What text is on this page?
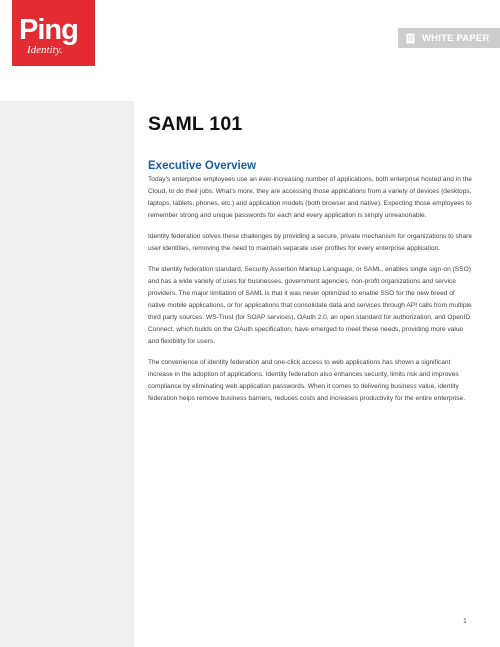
Ping
Identity.
WHITE PAPER
SAML 101
Executive Overview

Today’s enterprise employees use an ever-increasing number of applications, both enterprise hosted and in the Cloud, to do their jobs. What’s more, they are accessing those applications from a variety of devices (desktops, laptops, tablets, phones, etc.) and application models (both browser and native). Expecting those employees to remember strong and unique passwords for each and every application is simply unreasonable.

Identity federation solves these challenges by providing a secure, private mechanism for organizations to share user identities, removing the need to maintain separate user profiles for every enterprise application.

The identity federation standard, Security Assertion Markup Language, or SAML, enables single sign-on (SSO) and has a wide variety of uses for businesses, government agencies, non-profit organizations and service providers. The major limitation of SAML is that it was never optimized to enable SSO for the new breed of native mobile applications, or for applications that consolidate data and services through API calls from multiple third party sources. WS-Trust (for SOAP services), OAuth 2.0, an open standard for authorization, and OpenID Connect, which builds on the OAuth specification, have emerged to meet these needs, providing more value and flexibility for users.

The convenience of identity federation and one-click access to web applications has shown a significant increase in the adoption of applications. Identity federation also enhances security, limits risk and improves compliance by eliminating web application passwords. When it comes to delivering business value, identity federation helps remove business barriers, reduces costs and increases productivity for the entire enterprise.

1
